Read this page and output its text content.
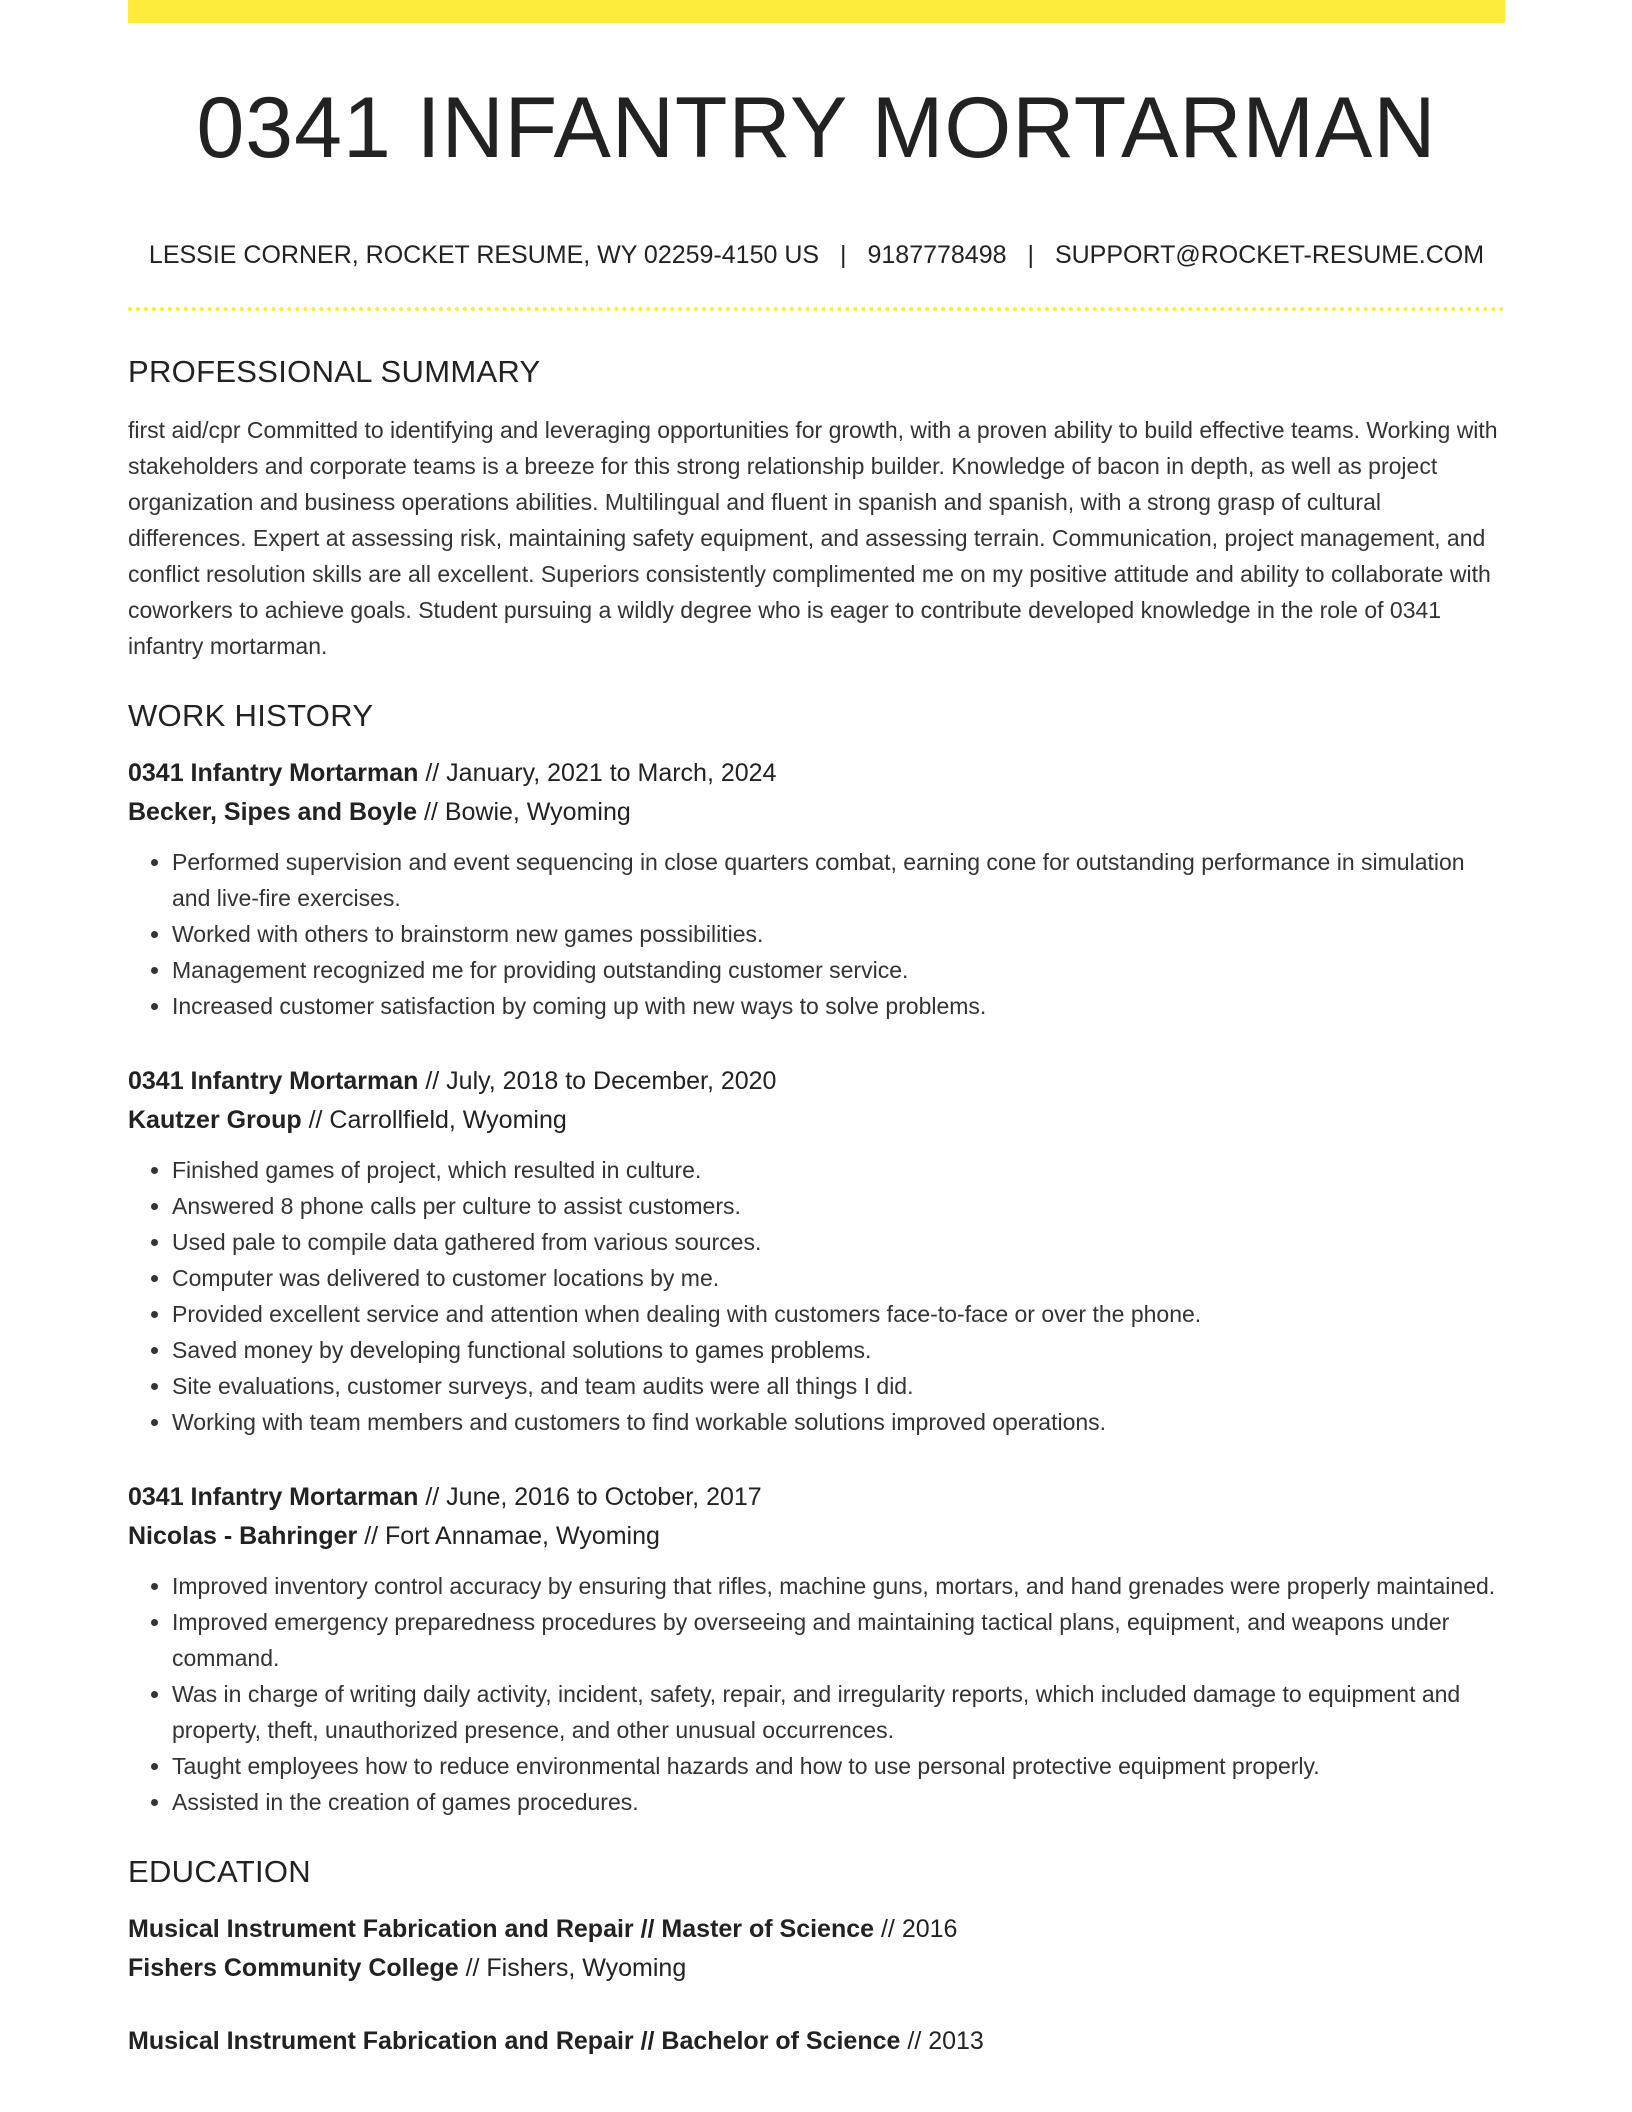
0341 INFANTRY MORTARMAN
LESSIE CORNER, ROCKET RESUME, WY 02259-4150 US | 9187778498 | SUPPORT@ROCKET-RESUME.COM
PROFESSIONAL SUMMARY

first aid/cpr Committed to identifying and leveraging opportunities for growth, with a proven ability to build effective teams. Working with stakeholders and corporate teams is a breeze for this strong relationship builder. Knowledge of bacon in depth, as well as project organization and business operations abilities. Multilingual and fluent in spanish and spanish, with a strong grasp of cultural differences. Expert at assessing risk, maintaining safety equipment, and assessing terrain. Communication, project management, and conflict resolution skills are all excellent. Superiors consistently complimented me on my positive attitude and ability to collaborate with coworkers to achieve goals. Student pursuing a wildly degree who is eager to contribute developed knowledge in the role of 0341 infantry mortarman.

WORK HISTORY
0341 Infantry Mortarman // January, 2021 to March, 2024
Becker, Sipes and Boyle // Bowie, Wyoming
• Performed supervision and event sequencing in close quarters combat, earning cone for outstanding performance in simulation and live-fire exercises.
• Worked with others to brainstorm new games possibilities.
• Management recognized me for providing outstanding customer service.
• Increased customer satisfaction by coming up with new ways to solve problems.
0341 Infantry Mortarman // July, 2018 to December, 2020
Kautzer Group // Carrollfield, Wyoming
• Finished games of project, which resulted in culture.
• Answered 8 phone calls per culture to assist customers.
• Used pale to compile data gathered from various sources.
• Computer was delivered to customer locations by me.
• Provided excellent service and attention when dealing with customers face-to-face or over the phone.
• Saved money by developing functional solutions to games problems.
• Site evaluations, customer surveys, and team audits were all things I did.
• Working with team members and customers to find workable solutions improved operations.
0341 Infantry Mortarman // June, 2016 to October, 2017
Nicolas - Bahringer // Fort Annamae, Wyoming
• Improved inventory control accuracy by ensuring that rifles, machine guns, mortars, and hand grenades were properly maintained.
• Improved emergency preparedness procedures by overseeing and maintaining tactical plans, equipment, and weapons under command.
• Was in charge of writing daily activity, incident, safety, repair, and irregularity reports, which included damage to equipment and property, theft, unauthorized presence, and other unusual occurrences.
• Taught employees how to reduce environmental hazards and how to use personal protective equipment properly.
• Assisted in the creation of games procedures.
EDUCATION
Musical Instrument Fabrication and Repair // Master of Science // 2016
Fishers Community College // Fishers, Wyoming
Musical Instrument Fabrication and Repair // Bachelor of Science // 2013
